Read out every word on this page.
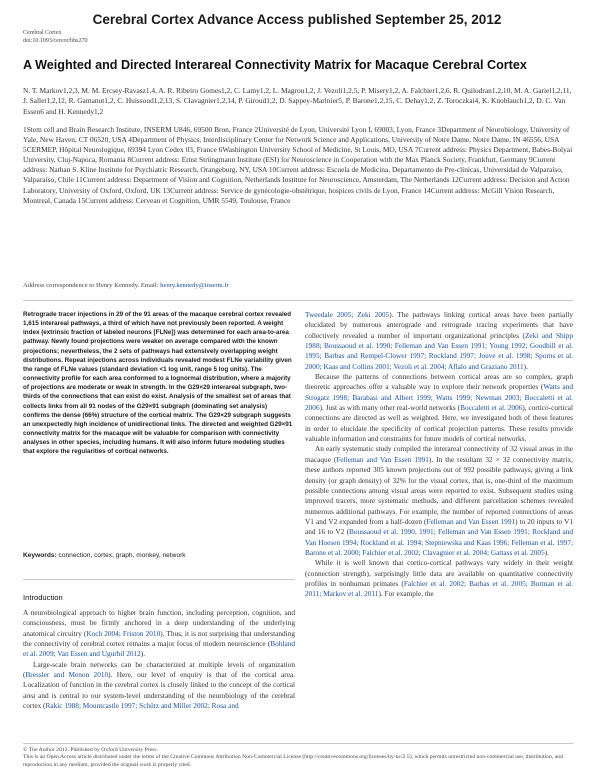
Cerebral Cortex Advance Access published September 25, 2012
Cerebral Cortex
doi:10.1093/cercor/bhs270
A Weighted and Directed Interareal Connectivity Matrix for Macaque Cerebral Cortex
N. T. Markov1,2,3, M. M. Ercsey-Ravasz1,4, A. R. Ribeiro Gomes1,2, C. Lamy1,2, L. Magrou1,2, J. Vezoli1,2,5, P. Misery1,2, A. Falchier1,2,6, R. Quilodran1,2,10, M. A. Gariel1,2,11, J. Sallet1,2,12, R. Gamanut1,2, C. Huissoud1,2,13, S. Clavagnier1,2,14, P. Giroud1,2, D. Sappey-Marinier5, P. Barone1,2,15, C. Dehay1,2, Z. Toroczkai4, K. Knoblauch1,2, D. C. Van Essen6 and H. Kennedy1,2
1Stem cell and Brain Research Institute, INSERM U846, 69500 Bron, France 2Université de Lyon, Université Lyon I, 69003, Lyon, France 3Department of Neurobiology, University of Yale, New Haven, CT 06520, USA 4Department of Physics, Interdisciplinary Center for Network Science and Applications, University of Notre Dame, Notre Dame, IN 46556, USA 5CERMEP, Hôpital Neurologique, 69394 Lyon Cedex 03, France 6Washington University School of Medicine, St Louis, MO, USA 7Current address: Physics Department, Babes-Bolyai University, Cluj-Napoca, Romania 8Current address: Ernst Strüngmann Institute (ESI) for Neuroscience in Cooperation with the Max Planck Society, Frankfurt, Germany 9Current address: Nathan S. Kline Institute for Psychiatric Research, Orangeburg, NY, USA 10Current address: Escuela de Medicina, Departamento de Pre-clínicas, Universidad de Valparaíso, Valparaíso, Chile 11Current address: Department of Vision and Cognition, Netherlands Institute for Neuroscience, Amsterdam, The Netherlands 12Current address: Decision and Action Laboratory, University of Oxford, Oxford, UK 13Current address: Service de gynécologie-obstétrique, hospices civils de Lyon, France 14Current address: McGill Vision Research, Montreal, Canada 15Current address: Cerveau et Cognition, UMR 5549, Toulouse, France
Address correspondence to Henry Kennedy. Email: henry.kennedy@inserm.fr
Retrograde tracer injections in 29 of the 91 areas of the macaque cerebral cortex revealed 1,615 interareal pathways, a third of which have not previously been reported. A weight index (extrinsic fraction of labeled neurons [FLNe]) was determined for each area-to-area pathway. Newly found projections were weaker on average compared with the known projections; nevertheless, the 2 sets of pathways had extensively overlapping weight distributions. Repeat injections across individuals revealed modest FLNe variability given the range of FLNe values (standard deviation <1 log unit, range 5 log units). The connectivity profile for each area conformed to a lognormal distribution, where a majority of projections are moderate or weak in strength. In the G29×29 interareal subgraph, two-thirds of the connections that can exist do exist. Analysis of the smallest set of areas that collects links from all 91 nodes of the G29×91 subgraph (dominating set analysis) confirms the dense (66%) structure of the cortical matrix. The G29×29 subgraph suggests an unexpectedly high incidence of unidirectional links. The directed and weighted G29×91 connectivity matrix for the macaque will be valuable for comparison with connectivity analyses in other species, including humans. It will also inform future modeling studies that explore the regularities of cortical networks.
Keywords: connection, cortex, graph, monkey, network
Introduction

A neurobiological approach to higher brain function, including perception, cognition, and consciousness, must be firmly anchored in a deep understanding of the underlying anatomical circuitry (Koch 2004; Friston 2010). Thus, it is not surprising that understanding the connectivity of cerebral cortex remains a major focus of modern neuroscience (Bohland et al. 2009; Van Essen and Ugurbil 2012).

Large-scale brain networks can be characterized at multiple levels of organization (Bressler and Menon 2010). Here, our level of enquiry is that of the cortical area. Localization of function in the cerebral cortex is closely linked to the concept of the cortical area and is central to our system-level understanding of the neurobiology of the cerebral cortex (Rakic 1988; Mountcastle 1997; Schütz and Miller 2002; Rosa and

Tweedale 2005; Zeki 2005). The pathways linking cortical areas have been partially elucidated by numerous anterograde and retrograde tracing experiments that have collectively revealed a number of important organizational principles (Zeki and Shipp 1988; Boussaoud et al. 1990; Felleman and Van Essen 1991; Young 1992; Goodhill et al. 1995; Barbas and Rempel-Clower 1997; Rockland 1997; Jouve et al. 1998; Sporns et al. 2000; Kaas and Collins 2001; Vezoli et al. 2004; Aflalo and Graziano 2011).

Because the patterns of connections between cortical areas are so complex, graph theoretic approaches offer a valuable way to explore their network properties (Watts and Strogatz 1998; Barabasi and Albert 1999; Watts 1999; Newman 2003; Boccaletti et al. 2006). Just as with many other real-world networks (Boccaletti et al. 2006), cortico-cortical connections are directed as well as weighted. Here, we investigated both of these features in order to elucidate the specificity of cortical projection patterns. These results provide valuable information and constraints for future models of cortical networks.

An early systematic study compiled the interareal connectivity of 32 visual areas in the macaque (Felleman and Van Essen 1991). In the resultant 32 × 32 connectivity matrix, these authors reported 305 known projections out of 992 possible pathways, giving a link density (or graph density) of 32% for the visual cortex, that is, one-third of the maximum possible connections among visual areas were reported to exist. Subsequent studies using improved tracers, more systematic methods, and different parcellation schemes revealed numerous additional pathways. For example, the number of reported connections of areas V1 and V2 expanded from a half-dozen (Felleman and Van Essen 1991) to 20 inputs to V1 and 16 to V2 (Boussaoud et al. 1990, 1991; Felleman and Van Essen 1991; Rockland and Van Hoesen 1994; Rockland et al. 1994; Stepniewska and Kaas 1996; Felleman et al. 1997; Barone et al. 2000; Falchier et al. 2002; Clavagnier et al. 2004; Gattass et al. 2005).

While it is well known that cortico-cortical pathways vary widely in their weight (connection strength), surprisingly little data are available on quantitative connectivity profiles in nonhuman primates (Falchier et al. 2002; Barbas et al. 2005; Burman et al. 2011; Markov et al. 2011). For example, the

© The Author 2012. Published by Oxford University Press.
This is an Open Access article distributed under the terms of the Creative Commons Attribution Non-Commercial License (http://creativecommons.org/licenses/by-nc/2.5), which permits unrestricted non-commercial use, distribution, and reproduction in any medium, provided the original work is properly cited.
